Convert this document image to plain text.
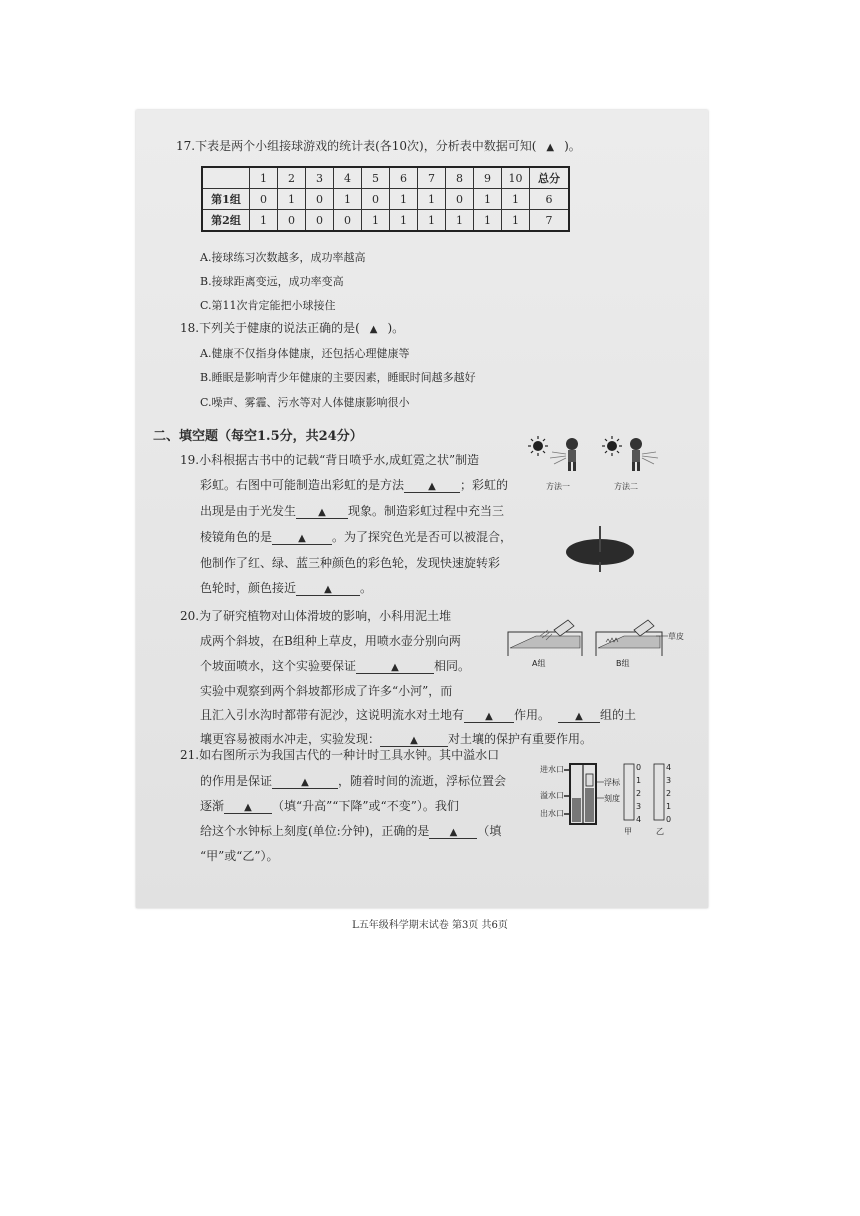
17.下表是两个小组接球游戏的统计表(各10次)，分析表中数据可知( ▲ )。
	1	2	3	4	5	6	7	8	9	10	总分
第1组	0	1	0	1	0	1	1	0	1	1	6
第2组	1	0	0	0	1	1	1	1	1	1	7
A.接球练习次数越多，成功率越高
B.接球距离变远，成功率变高
C.第11次肯定能把小球接住
18.下列关于健康的说法正确的是( ▲ )。
A.健康不仅指身体健康，还包括心理健康等
B.睡眠是影响青少年健康的主要因素，睡眠时间越多越好
C.噪声、雾霾、污水等对人体健康影响很小
二、填空题（每空1.5分，共24分）
19.小科根据古书中的记载“背日喷乎水,成虹霓之状”制造
彩虹。右图中可能制造出彩虹的是方法 ▲ ；彩虹的
出现是由于光发生 ▲ 现象。制造彩虹过程中充当三
棱镜角色的是	▲ 。为了探究色光是否可以被混合，
他制作了红、绿、蓝三种颜色的彩色轮，发现快速旋转彩
色轮时，颜色接近	▲ 。
方法一	方法二
20.为了研究植物对山体滑坡的影响，小科用泥土堆
成两个斜坡，在B组种上草皮，用喷水壶分别向两
个坡面喷水，这个实验要保证	▲	相同。
实验中观察到两个斜坡都形成了许多“小河”，而
且汇入引水沟时都带有泥沙，这说明流水对土地有 ▲ 作用。	▲ 组的土
壤更容易被雨水冲走，实验发现：	▲	对土壤的保护有重要作用。
A组	B组
草皮
21.如右图所示为我国古代的一种计时工具水钟。其中溢水口
的作用是保证	▲ ，随着时间的流逝，浮标位置会
逐渐 ▲ （填“升高”“下降”或“不变”）。我们
给这个水钟标上刻度(单位:分钟)，正确的是 ▲ （填
“甲”或“乙”）。
进水口
溢水口
出水口
浮标
刻度
0
1
2
3
4
甲
4
3
2
1
0
乙
L五年级科学期末试卷 第3页 共6页
